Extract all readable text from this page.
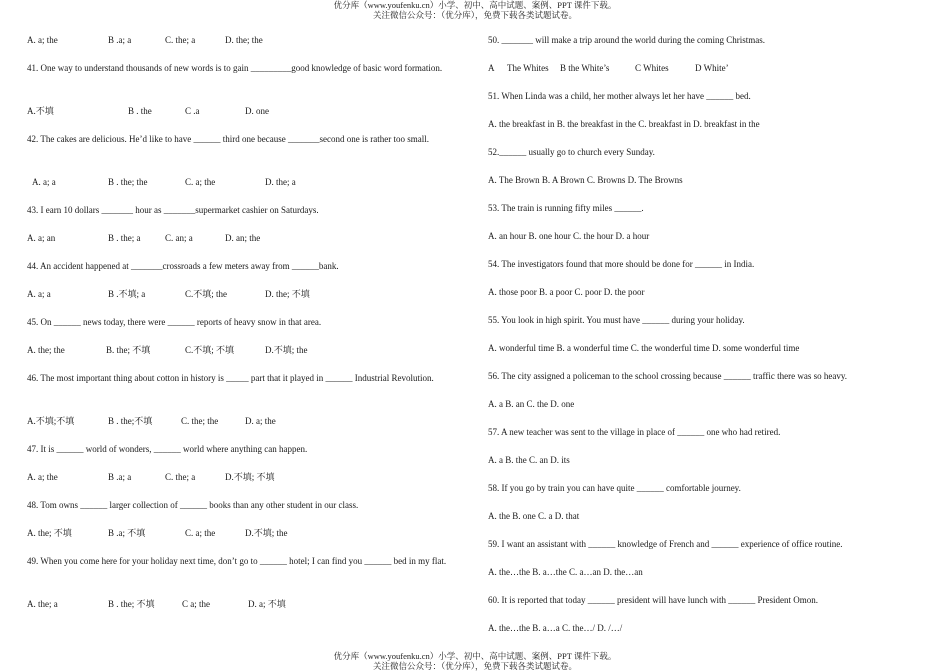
优分库（www.youfenku.cn）小学、初中、高中试题、案例、PPT 课件下载。
关注微信公众号：（优分库），免费下载各类试题试卷。
A. a; the	B .a; a	C. the; a	D. the; the
41. One way to understand thousands of new words is to gain _________good knowledge of basic word formation.
A.不填	B . the	C .a	D. one
42. The cakes are delicious. He’d like to have ______ third one because _______second one is rather too small.
A. a; a	B . the; the	C. a; the	D. the; a
43. I earn 10 dollars _______ hour as _______supermarket cashier on Saturdays.
A. a; an	B . the; a	C. an; a	D. an; the
44. An accident happened at _______crossroads a few meters away from ______bank.
A. a; a	B .不填; a	C.不填; the	D. the; 不填
45. On ______ news today, there were ______ reports of heavy snow in that area.
A. the; the	B. the; 不填	C.不填; 不填	D.不填; the
46. The most important thing about cotton in history is _____ part that it played in ______ Industrial Revolution.
A.不填;不填	B . the;不填	C. the; the	D. a; the
47. It is ______ world of wonders, ______ world where anything can happen.
A. a; the	B .a; a	C. the; a	D.不填; 不填
48. Tom owns ______ larger collection of ______ books than any other student in our class.
A. the; 不填	B .a; 不填	C. a; the	D.不填; the
49. When you come here for your holiday next time, don’t go to ______ hotel; I can find you ______ bed in my flat.
A. the; a	B . the; 不填	C a; the	D. a; 不填
50. _______ will make a trip around the world during the coming Christmas.
A The Whites B the White’s	C Whites	D White’
51. When Linda was a child, her mother always let her have ______ bed.
A. the breakfast in B. the breakfast in the C. breakfast in D. breakfast in the
52.______ usually go to church every Sunday.
A. The Brown B. A Brown C. Browns D. The Browns
53. The train is running fifty miles ______.
A. an hour B. one hour C. the hour D. a hour
54. The investigators found that more should be done for ______ in India.
A. those poor B. a poor C. poor D. the poor
55. You look in high spirit. You must have ______ during your holiday.
A. wonderful time B. a wonderful time C. the wonderful time D. some wonderful time
56. The city assigned a policeman to the school crossing because ______ traffic there was so heavy.
A. a B. an C. the D. one
57. A new teacher was sent to the village in place of ______ one who had retired.
A. a B. the C. an D. its
58. If you go by train you can have quite ______ comfortable journey.
A. the B. one C. a D. that
59. I want an assistant with ______ knowledge of French and ______ experience of office routine.
A. the…the B. a…the C. a…an D. the…an
60. It is reported that today ______ president will have lunch with ______ President Omon.
A. the…the B. a…a C. the…/ D. /…/
优分库（www.youfenku.cn）小学、初中、高中试题、案例、PPT 课件下载。
关注微信公众号：（优分库），免费下载各类试题试卷。
